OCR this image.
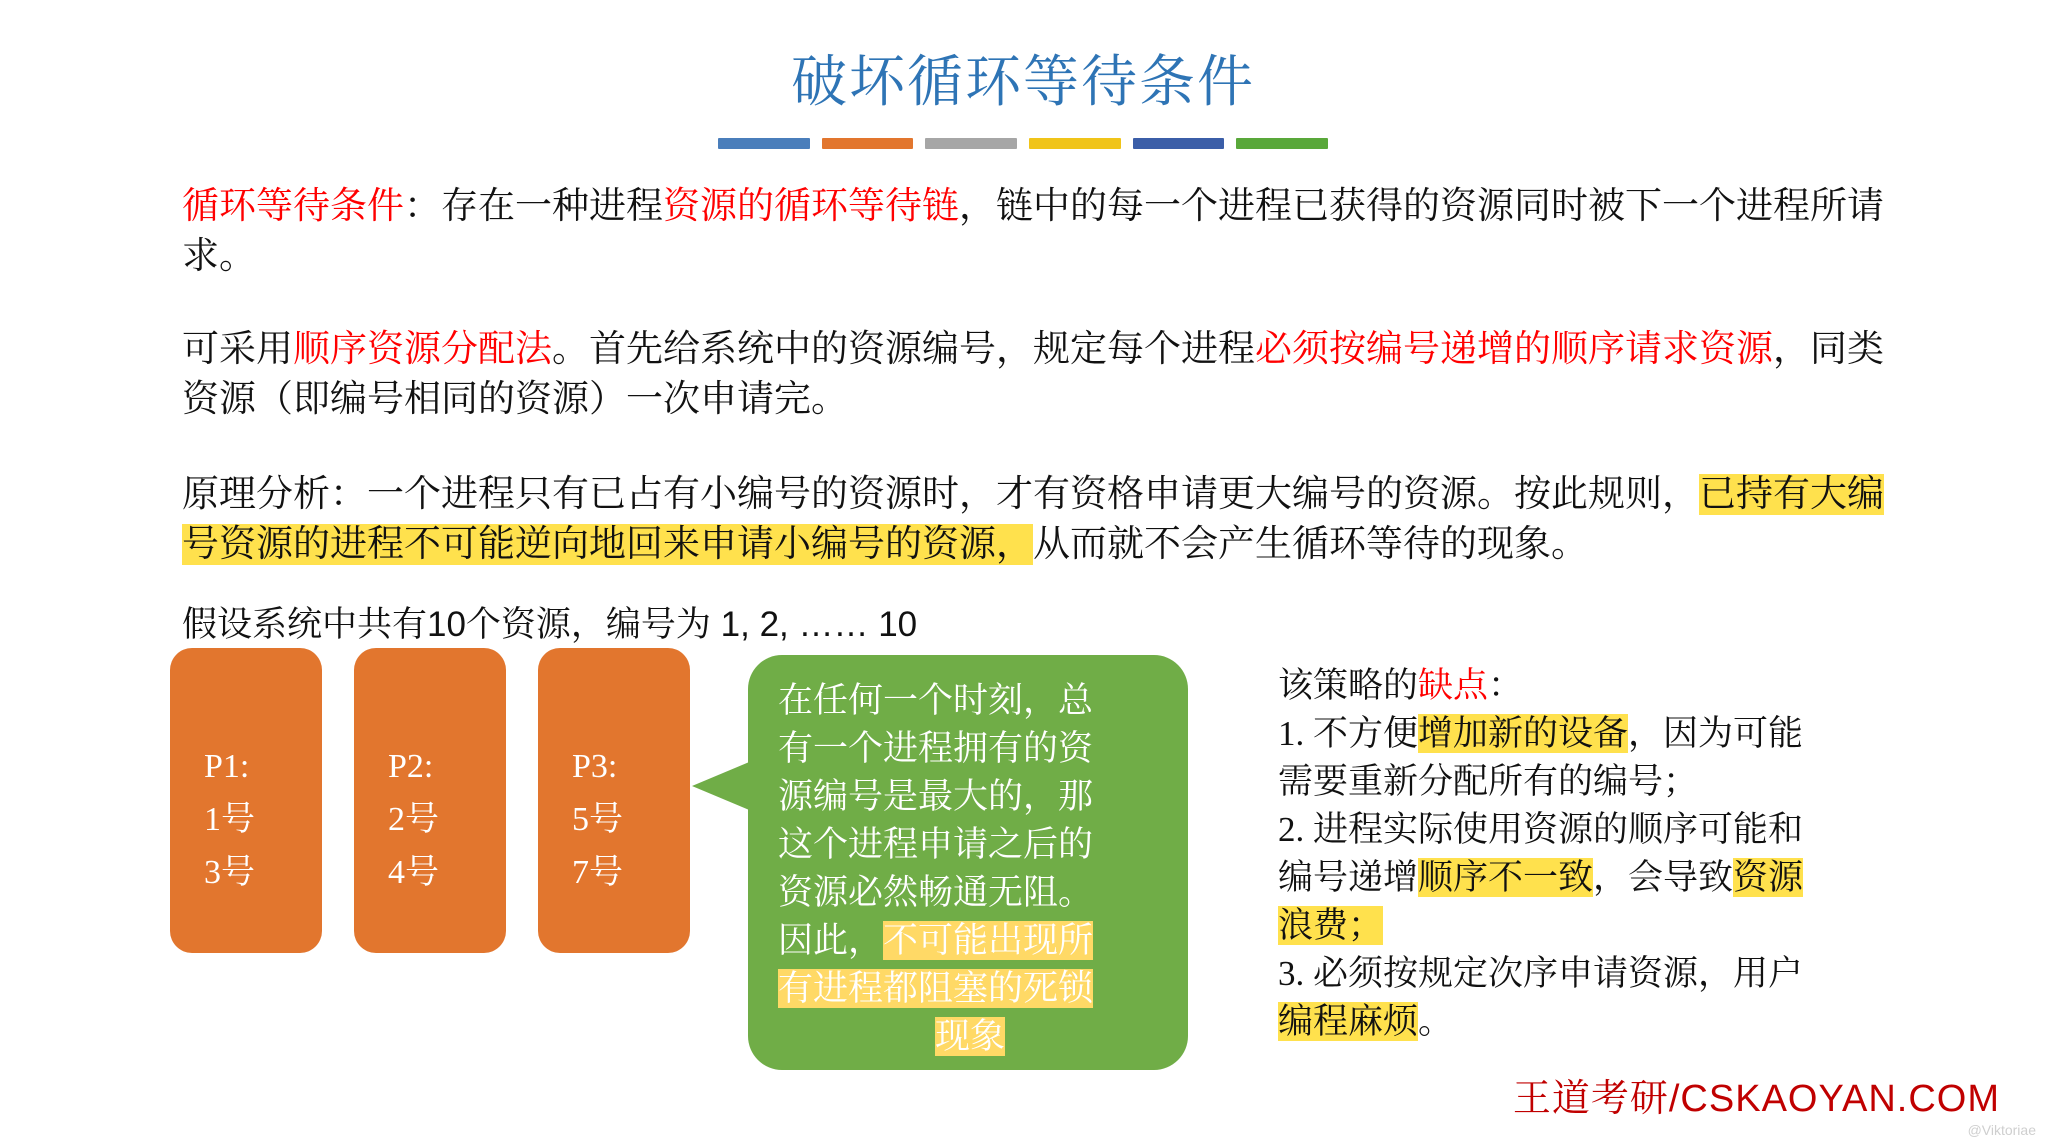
破坏循环等待条件
循环等待条件：存在一种进程资源的循环等待链，链中的每一个进程已获得的资源同时被下一个进程所请求。
可采用顺序资源分配法。首先给系统中的资源编号，规定每个进程必须按编号递增的顺序请求资源，同类资源（即编号相同的资源）一次申请完。
原理分析：一个进程只有已占有小编号的资源时，才有资格申请更大编号的资源。按此规则，已持有大编号资源的进程不可能逆向地回来申请小编号的资源，从而就不会产生循环等待的现象。
假设系统中共有10个资源，编号为 1, 2, …… 10
P1:
1号
3号
P2:
2号
4号
P3:
5号
7号
在任何一个时刻，总
有一个进程拥有的资
源编号是最大的，那
这个进程申请之后的
资源必然畅通无阻。
因此，不可能出现所
有进程都阻塞的死锁
现象
该策略的缺点：
1. 不方便增加新的设备，因为可能
需要重新分配所有的编号；
2. 进程实际使用资源的顺序可能和
编号递增顺序不一致，会导致资源
浪费；
3. 必须按规定次序申请资源，用户
编程麻烦。
王道考研/CSKAOYAN.COM
@Viktoriae
